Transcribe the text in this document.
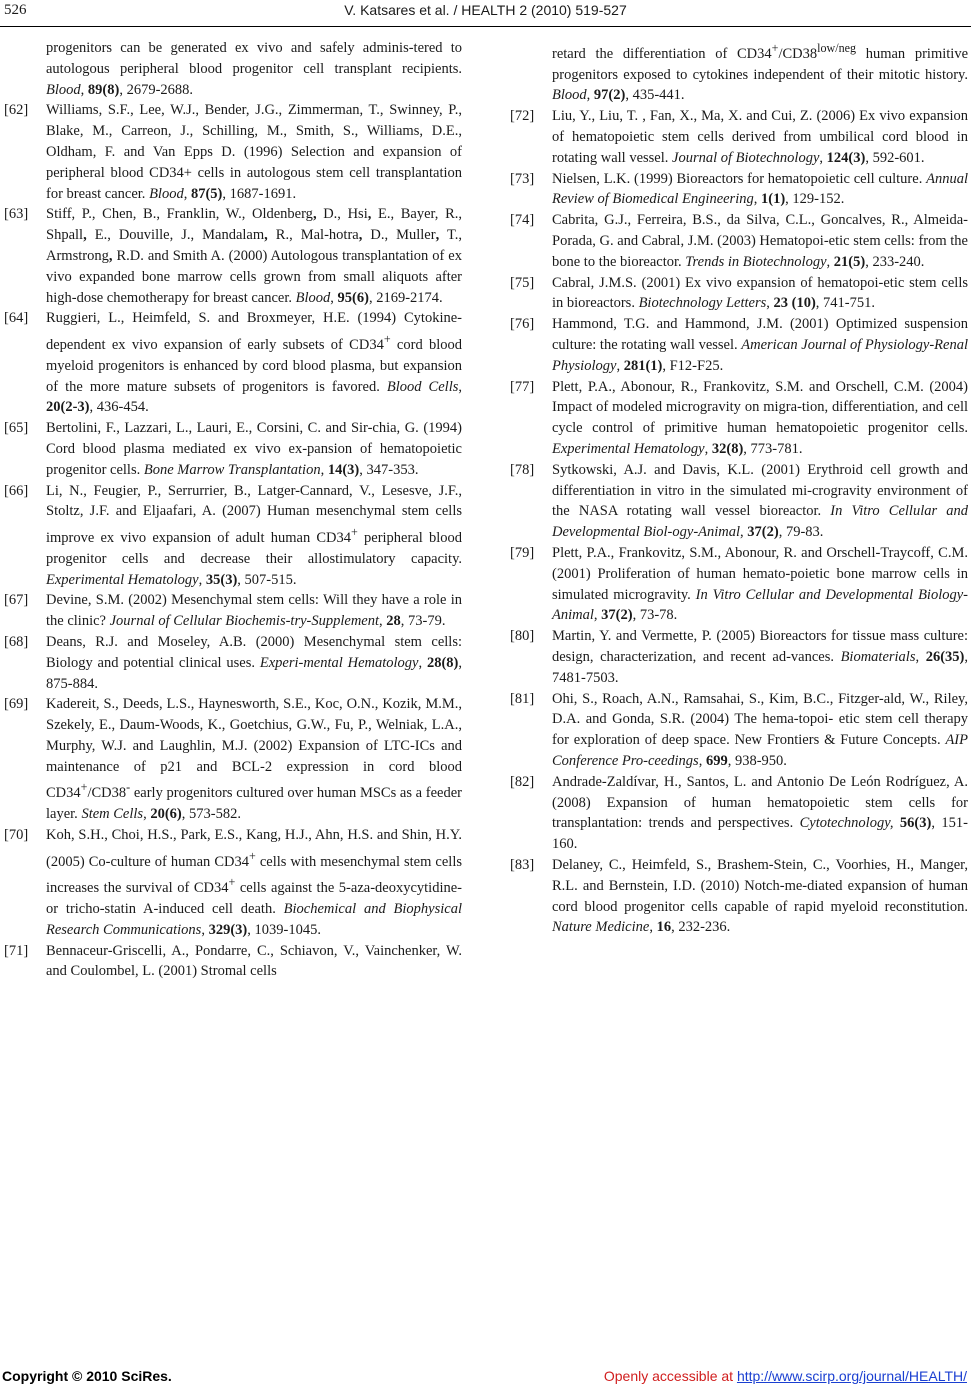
526	V. Katsares et al. / HEALTH 2 (2010) 519-527
progenitors can be generated ex vivo and safely adminis-tered to autologous peripheral blood progenitor cell transplant recipients. Blood, 89(8), 2679-2688.
[62] Williams, S.F., Lee, W.J., Bender, J.G., Zimmerman, T., Swinney, P., Blake, M., Carreon, J., Schilling, M., Smith, S., Williams, D.E., Oldham, F. and Van Epps D. (1996) Selection and expansion of peripheral blood CD34+ cells in autologous stem cell transplantation for breast cancer. Blood, 87(5), 1687-1691.
[63] Stiff, P., Chen, B., Franklin, W., Oldenberg, D., Hsi, E., Bayer, R., Shpall, E., Douville, J., Mandalam, R., Mal-hotra, D., Muller, T., Armstrong, R.D. and Smith A. (2000) Autologous transplantation of ex vivo expanded bone marrow cells grown from small aliquots after high-dose chemotherapy for breast cancer. Blood, 95(6), 2169-2174.
[64] Ruggieri, L., Heimfeld, S. and Broxmeyer, H.E. (1994) Cytokine-dependent ex vivo expansion of early subsets of CD34+ cord blood myeloid progenitors is enhanced by cord blood plasma, but expansion of the more mature subsets of progenitors is favored. Blood Cells, 20(2-3), 436-454.
[65] Bertolini, F., Lazzari, L., Lauri, E., Corsini, C. and Sir-chia, G. (1994) Cord blood plasma mediated ex vivo ex-pansion of hematopoietic progenitor cells. Bone Marrow Transplantation, 14(3), 347-353.
[66] Li, N., Feugier, P., Serrurrier, B., Latger-Cannard, V., Lesesve, J.F., Stoltz, J.F. and Eljaafari, A. (2007) Human mesenchymal stem cells improve ex vivo expansion of adult human CD34+ peripheral blood progenitor cells and decrease their allostimulatory capacity. Experimental Hematology, 35(3), 507-515.
[67] Devine, S.M. (2002) Mesenchymal stem cells: Will they have a role in the clinic? Journal of Cellular Biochemis-try-Supplement, 28, 73-79.
[68] Deans, R.J. and Moseley, A.B. (2000) Mesenchymal stem cells: Biology and potential clinical uses. Experi-mental Hematology, 28(8), 875-884.
[69] Kadereit, S., Deeds, L.S., Haynesworth, S.E., Koc, O.N., Kozik, M.M., Szekely, E., Daum-Woods, K., Goetchius, G.W., Fu, P., Welniak, L.A., Murphy, W.J. and Laughlin, M.J. (2002) Expansion of LTC-ICs and maintenance of p21 and BCL-2 expression in cord blood CD34+/CD38- early progenitors cultured over human MSCs as a feeder layer. Stem Cells, 20(6), 573-582.
[70] Koh, S.H., Choi, H.S., Park, E.S., Kang, H.J., Ahn, H.S. and Shin, H.Y. (2005) Co-culture of human CD34+ cells with mesenchymal stem cells increases the survival of CD34+ cells against the 5-aza-deoxycytidine-or tricho-statin A-induced cell death. Biochemical and Biophysical Research Communications, 329(3), 1039-1045.
[71] Bennaceur-Griscelli, A., Pondarre, C., Schiavon, V., Vainchenker, W. and Coulombel, L. (2001) Stromal cells
retard the differentiation of $CD34^+/CD38^{low/neg}$ human primitive progenitors exposed to cytokines independent of their mitotic history. Blood, 97(2), 435-441.
[72] Liu, Y., Liu, T. , Fan, X., Ma, X. and Cui, Z. (2006) Ex vivo expansion of hematopoietic stem cells derived from umbilical cord blood in rotating wall vessel. Journal of Biotechnology, 124(3), 592-601.
[73] Nielsen, L.K. (1999) Bioreactors for hematopoietic cell culture. Annual Review of Biomedical Engineering, 1(1), 129-152.
[74] Cabrita, G.J., Ferreira, B.S., da Silva, C.L., Goncalves, R., Almeida-Porada, G. and Cabral, J.M. (2003) Hematopoi-etic stem cells: from the bone to the bioreactor. Trends in Biotechnology, 21(5), 233-240.
[75] Cabral, J.M.S. (2001) Ex vivo expansion of hematopoi-etic stem cells in bioreactors. Biotechnology Letters, 23 (10), 741-751.
[76] Hammond, T.G. and Hammond, J.M. (2001) Optimized suspension culture: the rotating wall vessel. American Journal of Physiology-Renal Physiology, 281(1), F12-F25.
[77] Plett, P.A., Abonour, R., Frankovitz, S.M. and Orschell, C.M. (2004) Impact of modeled microgravity on migra-tion, differentiation, and cell cycle control of primitive human hematopoietic progenitor cells. Experimental Hematology, 32(8), 773-781.
[78] Sytkowski, A.J. and Davis, K.L. (2001) Erythroid cell growth and differentiation in vitro in the simulated mi-crogravity environment of the NASA rotating wall vessel bioreactor. In Vitro Cellular and Developmental Biol-ogy-Animal, 37(2), 79-83.
[79] Plett, P.A., Frankovitz, S.M., Abonour, R. and Orschell-Traycoff, C.M. (2001) Proliferation of human hemato-poietic bone marrow cells in simulated microgravity. In Vitro Cellular and Developmental Biology-Animal, 37(2), 73-78.
[80] Martin, Y. and Vermette, P. (2005) Bioreactors for tissue mass culture: design, characterization, and recent ad-vances. Biomaterials, 26(35), 7481-7503.
[81] Ohi, S., Roach, A.N., Ramsahai, S., Kim, B.C., Fitzger-ald, W., Riley, D.A. and Gonda, S.R. (2004) The hema-topoi- etic stem cell therapy for exploration of deep space. New Frontiers & Future Concepts. AIP Conference Pro-ceedings, 699, 938-950.
[82] Andrade-Zaldívar, H., Santos, L. and Antonio De León Rodríguez, A. (2008) Expansion of human hematopoietic stem cells for transplantation: trends and perspectives. Cytotechnology, 56(3), 151-160.
[83] Delaney, C., Heimfeld, S., Brashem-Stein, C., Voorhies, H., Manger, R.L. and Bernstein, I.D. (2010) Notch-me-diated expansion of human cord blood progenitor cells capable of rapid myeloid reconstitution. Nature Medicine, 16, 232-236.
Copyright © 2010 SciRes.	Openly accessible at http://www.scirp.org/journal/HEALTH/
